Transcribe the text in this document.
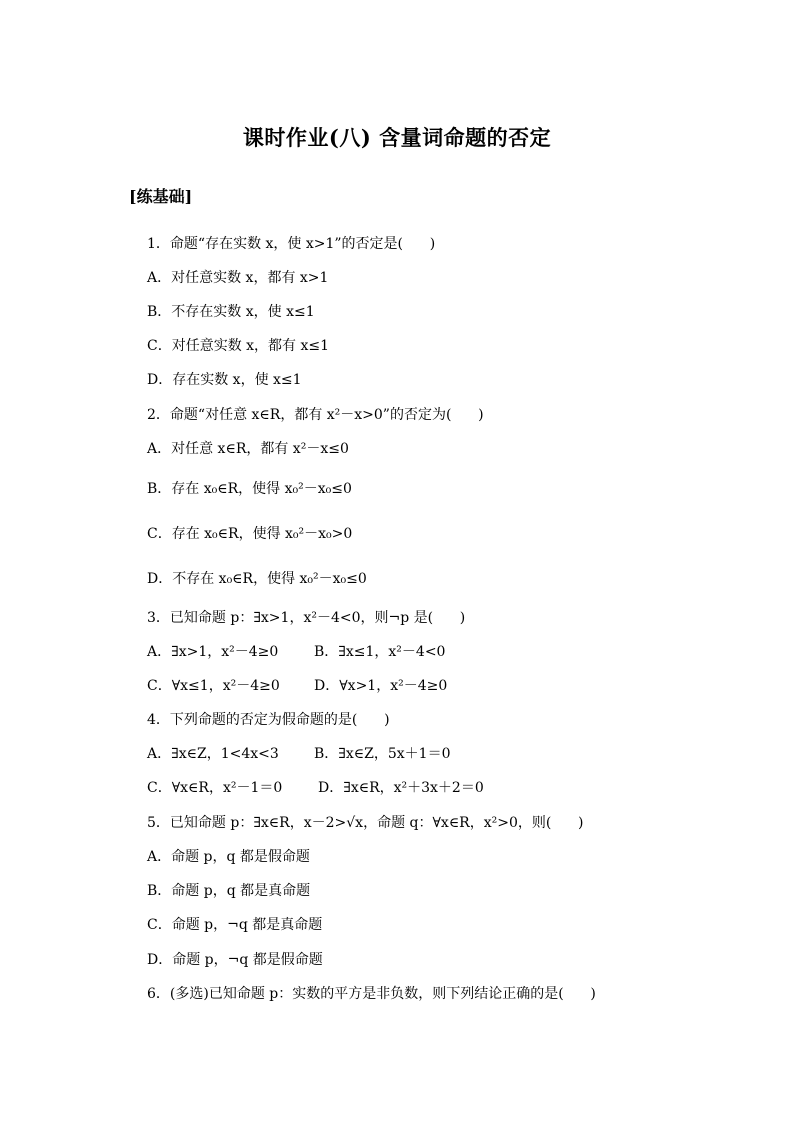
课时作业(八) 含量词命题的否定
[练基础]
1．命题“存在实数 x，使 x>1”的否定是(      )
A．对任意实数 x，都有 x>1
B．不存在实数 x，使 x≤1
C．对任意实数 x，都有 x≤1
D．存在实数 x，使 x≤1
2．命题“对任意 x∈R，都有 x²－x>0”的否定为(      )
A．对任意 x∈R，都有 x²－x≤0
B．存在 x₀∈R，使得 x₀²－x₀≤0
C．存在 x₀∈R，使得 x₀²－x₀>0
D．不存在 x₀∈R，使得 x₀²－x₀≤0
3．已知命题 p：∃x>1，x²－4<0，则¬p 是(      )
A．∃x>1，x²－4≥0	B．∃x≤1，x²－4<0
C．∀x≤1，x²－4≥0 D．∀x>1，x²－4≥0
4．下列命题的否定为假命题的是(      )
A．∃x∈Z，1<4x<3	B．∃x∈Z，5x＋1＝0
C．∀x∈R，x²－1＝0	D．∃x∈R，x²＋3x＋2＝0
5．已知命题 p：∃x∈R，x－2>√x，命题 q：∀x∈R，x²>0，则(      )
A．命题 p，q 都是假命题
B．命题 p，q 都是真命题
C．命题 p，¬q 都是真命题
D．命题 p，¬q 都是假命题
6．(多选)已知命题 p：实数的平方是非负数，则下列结论正确的是(      )
